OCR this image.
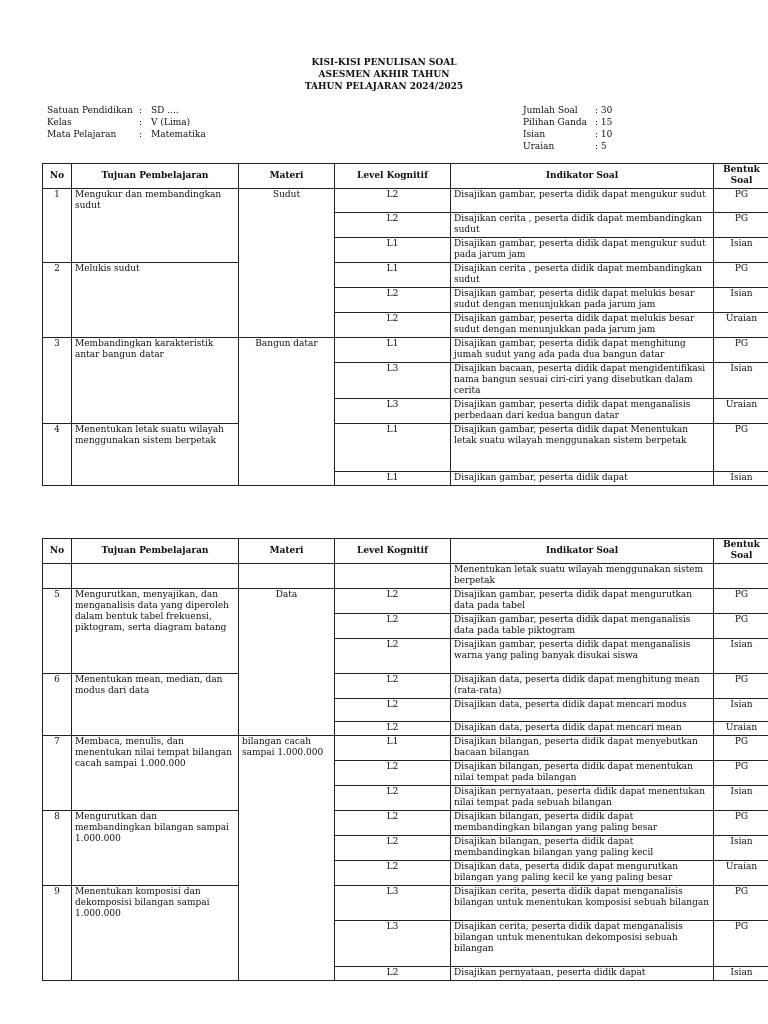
KISI-KISI PENULISAN SOAL
ASESMEN AKHIR TAHUN
TAHUN PELAJARAN 2024/2025
Satuan Pendidikan : SD ....
Kelas	: V (Lima)
Mata Pelajaran	: Matematika
Jumlah Soal : 30
Pilihan Ganda : 15
Isian	: 10
Uraian	: 5
No	Tujuan Pembelajaran	Materi	Level Kognitif	Indikator Soal	Bentuk Soal
1	Mengukur dan membandingkan sudut	Sudut	L2	Disajikan gambar, peserta didik dapat mengukur sudut	PG
			L2	Disajikan cerita , peserta didik dapat membandingkan sudut	PG
			L1	Disajikan gambar, peserta didik dapat mengukur sudut pada jarum jam	Isian
2	Melukis sudut		L1	Disajikan cerita , peserta didik dapat membandingkan sudut	PG
			L2	Disajikan gambar, peserta didik dapat melukis besar sudut dengan menunjukkan pada jarum jam	Isian
			L2	Disajikan gambar, peserta didik dapat melukis besar sudut dengan menunjukkan pada jarum jam	Uraian
3	Membandingkan karakteristik antar bangun datar	Bangun datar	L1	Disajikan gambar, peserta didik dapat menghitung jumah sudut yang ada pada dua bangun datar	PG
			L3	Disajikan bacaan, peserta didik dapat mengidentifikasi nama bangun sesuai ciri-ciri yang disebutkan dalam cerita	Isian
			L3	Disajikan gambar, peserta didik dapat menganalisis perbedaan dari kedua bangun datar	Uraian
4	Menentukan letak suatu wilayah menggunakan sistem berpetak		L1	Disajikan gambar, peserta didik dapat Menentukan letak suatu wilayah menggunakan sistem berpetak	PG
			L1	Disajikan gambar, peserta didik dapat	Isian
No	Tujuan Pembelajaran	Materi	Level Kognitif	Indikator Soal	Bentuk Soal
				Menentukan letak suatu wilayah menggunakan sistem berpetak	
5	Mengurutkan, menyajikan, dan menganalisis data yang diperoleh dalam bentuk tabel frekuensi, piktogram, serta diagram batang	Data	L2	Disajikan gambar, peserta didik dapat mengurutkan data pada tabel	PG
			L2	Disajikan gambar, peserta didik dapat menganalisis data pada table piktogram	PG
			L2	Disajikan gambar, peserta didik dapat menganalisis warna yang paling banyak disukai siswa	Isian
6	Menentukan mean, median, dan modus dari data		L2	Disajikan data, peserta didik dapat menghitung mean (rata-rata)	PG
			L2	Disajikan data, peserta didik dapat mencari modus	Isian
			L2	Disajikan data, peserta didik dapat mencari mean	Uraian
7	Membaca, menulis, dan menentukan nilai tempat bilangan cacah sampai 1.000.000	bilangan cacah sampai 1.000.000	L1	Disajikan bilangan, peserta didik dapat menyebutkan bacaan bilangan	PG
			L2	Disajikan bilangan, peserta didik dapat menentukan nilai tempat pada bilangan	PG
			L2	Disajikan pernyataan, peserta didik dapat menentukan nilai tempat pada sebuah bilangan	Isian
8	Mengurutkan dan membandingkan bilangan sampai 1.000.000		L2	Disajikan bilangan, peserta didik dapat membandingkan bilangan yang paling besar	PG
			L2	Disajikan bilangan, peserta didik dapat membandingkan bilangan yang paling kecil	Isian
			L2	Disajikan data, peserta didik dapat mengurutkan bilangan yang paling kecil ke yang paling besar	Uraian
9	Menentukan komposisi dan dekomposisi bilangan sampai 1.000.000		L3	Disajikan cerita, peserta didik dapat menganalisis bilangan untuk menentukan komposisi sebuah bilangan	PG
			L3	Disajikan cerita, peserta didik dapat menganalisis bilangan untuk menentukan dekomposisi sebuah bilangan	PG
			L2	Disajikan pernyataan, peserta didik dapat	Isian
